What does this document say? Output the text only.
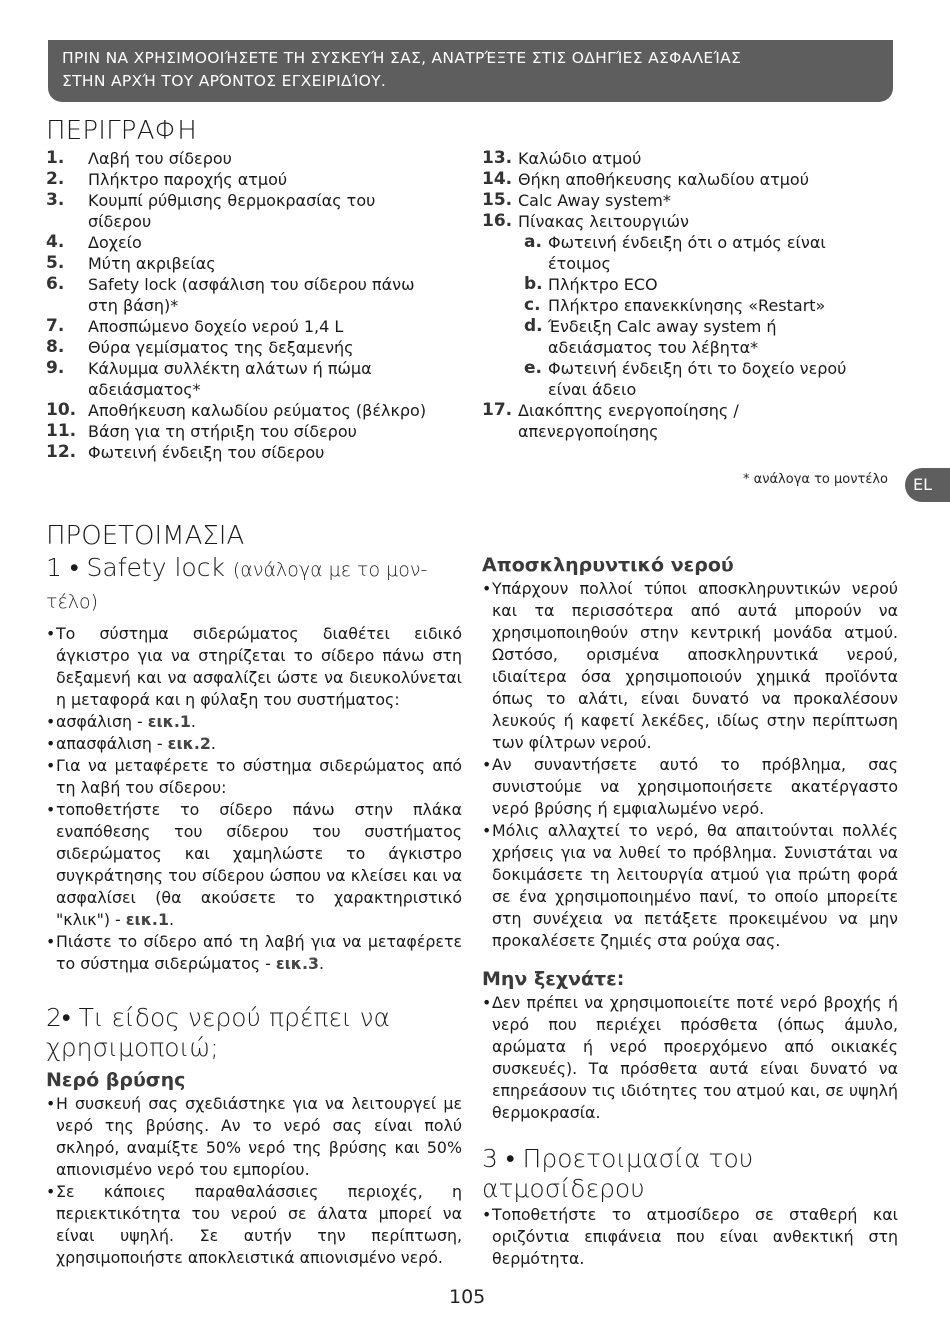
ΠΡΙΝ ΝΑ ΧΡΗΣΙΜΟΟΙΉΣΕΤΕ ΤΗ ΣΥΣΚΕΥΉ ΣΑΣ, ΑΝΑΤΡΈΞΤΕ ΣΤΙΣ ΟΔΗΓΊΕΣ ΑΣΦΑΛΕΊΑΣ
ΣΤΗΝ ΑΡΧΉ ΤΟΥ ΑΡΌΝΤΟΣ ΕΓΧΕΙΡΙΔΊΟΥ.
ΠΕΡΙΓΡΑΦΗ
1. Λαβή του σίδερου
2. Πλήκτρο παροχής ατμού
3. Κουμπί ρύθμισης θερμοκρασίας του σίδερου
4. Δοχείο
5. Μύτη ακριβείας
6. Safety lock (ασφάλιση του σίδερου πάνω στη βάση)*
7. Αποσπώμενο δοχείο νερού 1,4 L
8. Θύρα γεμίσματος της δεξαμενής
9. Κάλυμμα συλλέκτη αλάτων ή πώμα αδειάσματος*
10. Αποθήκευση καλωδίου ρεύματος (βέλκρο)
11. Βάση για τη στήριξη του σίδερου
12. Φωτεινή ένδειξη του σίδερου
13. Καλώδιο ατμού
14. Θήκη αποθήκευσης καλωδίου ατμού
15. Calc Away system*
16. Πίνακας λειτουργιών
a. Φωτεινή ένδειξη ότι ο ατμός είναι έτοιμος
b. Πλήκτρο ECO
c. Πλήκτρο επανεκκίνησης «Restart»
d. Ένδειξη Calc away system ή αδειάσματος του λέβητα*
e. Φωτεινή ένδειξη ότι το δοχείο νερού είναι άδειο
17. Διακόπτης ενεργοποίησης / απενεργοποίησης
* ανάλογα το μοντέλο	EL
ΠΡΟΕΤΟΙΜΑΣΙΑ
1 • Safety lock (ανάλογα με το μον-τέλο)
• Το σύστημα σιδερώματος διαθέτει ειδικό άγκιστρο για να στηρίζεται το σίδερο πάνω στη δεξαμενή και να ασφαλίζει ώστε να διευκολύνεται η μεταφορά και η φύλαξη του συστήματος:
• ασφάλιση - εικ.1.
• απασφάλιση - εικ.2.
• Για να μεταφέρετε το σύστημα σιδερώματος από τη λαβή του σίδερου:
• τοποθετήστε το σίδερο πάνω στην πλάκα εναπόθεσης του σίδερου του συστήματος σιδερώματος και χαμηλώστε το άγκιστρο συγκράτησης του σίδερου ώσπου να κλείσει και να ασφαλίσει (θα ακούσετε το χαρακτηριστικό "κλικ") - εικ.1.
• Πιάστε το σίδερο από τη λαβή για να μεταφέρετε το σύστημα σιδερώματος - εικ.3.
2• Τι είδος νερού πρέπει να χρησιμοποιώ;
Νερό βρύσης
• Η συσκευή σας σχεδιάστηκε για να λειτουργεί με νερό της βρύσης. Αν το νερό σας είναι πολύ σκληρό, αναμίξτε 50% νερό της βρύσης και 50% απιονισμένο νερό του εμπορίου.
• Σε κάποιες παραθαλάσσιες περιοχές, η περιεκτικότητα του νερού σε άλατα μπορεί να είναι υψηλή. Σε αυτήν την περίπτωση, χρησιμοποιήστε αποκλειστικά απιονισμένο νερό.
Αποσκληρυντικό νερού
• Υπάρχουν πολλοί τύποι αποσκληρυντικών νερού και τα περισσότερα από αυτά μπορούν να χρησιμοποιηθούν στην κεντρική μονάδα ατμού. Ωστόσο, ορισμένα αποσκληρυντικά νερού, ιδιαίτερα όσα χρησιμοποιούν χημικά προϊόντα όπως το αλάτι, είναι δυνατό να προκαλέσουν λευκούς ή καφετί λεκέδες, ιδίως στην περίπτωση των φίλτρων νερού.
• Αν συναντήσετε αυτό το πρόβλημα, σας συνιστούμε να χρησιμοποιήσετε ακατέργαστο νερό βρύσης ή εμφιαλωμένο νερό.
• Μόλις αλλαχτεί το νερό, θα απαιτούνται πολλές χρήσεις για να λυθεί το πρόβλημα. Συνιστάται να δοκιμάσετε τη λειτουργία ατμού για πρώτη φορά σε ένα χρησιμοποιημένο πανί, το οποίο μπορείτε στη συνέχεια να πετάξετε προκειμένου να μην προκαλέσετε ζημιές στα ρούχα σας.
Μην ξεχνάτε:
• Δεν πρέπει να χρησιμοποιείτε ποτέ νερό βροχής ή νερό που περιέχει πρόσθετα (όπως άμυλο, αρώματα ή νερό προερχόμενο από οικιακές συσκευές). Τα πρόσθετα αυτά είναι δυνατό να επηρεάσουν τις ιδιότητες του ατμού και, σε υψηλή θερμοκρασία.
3 • Προετοιμασία του ατμοσίδερου
• Τοποθετήστε το ατμοσίδερο σε σταθερή και οριζόντια επιφάνεια που είναι ανθεκτική στη θερμότητα.
105
